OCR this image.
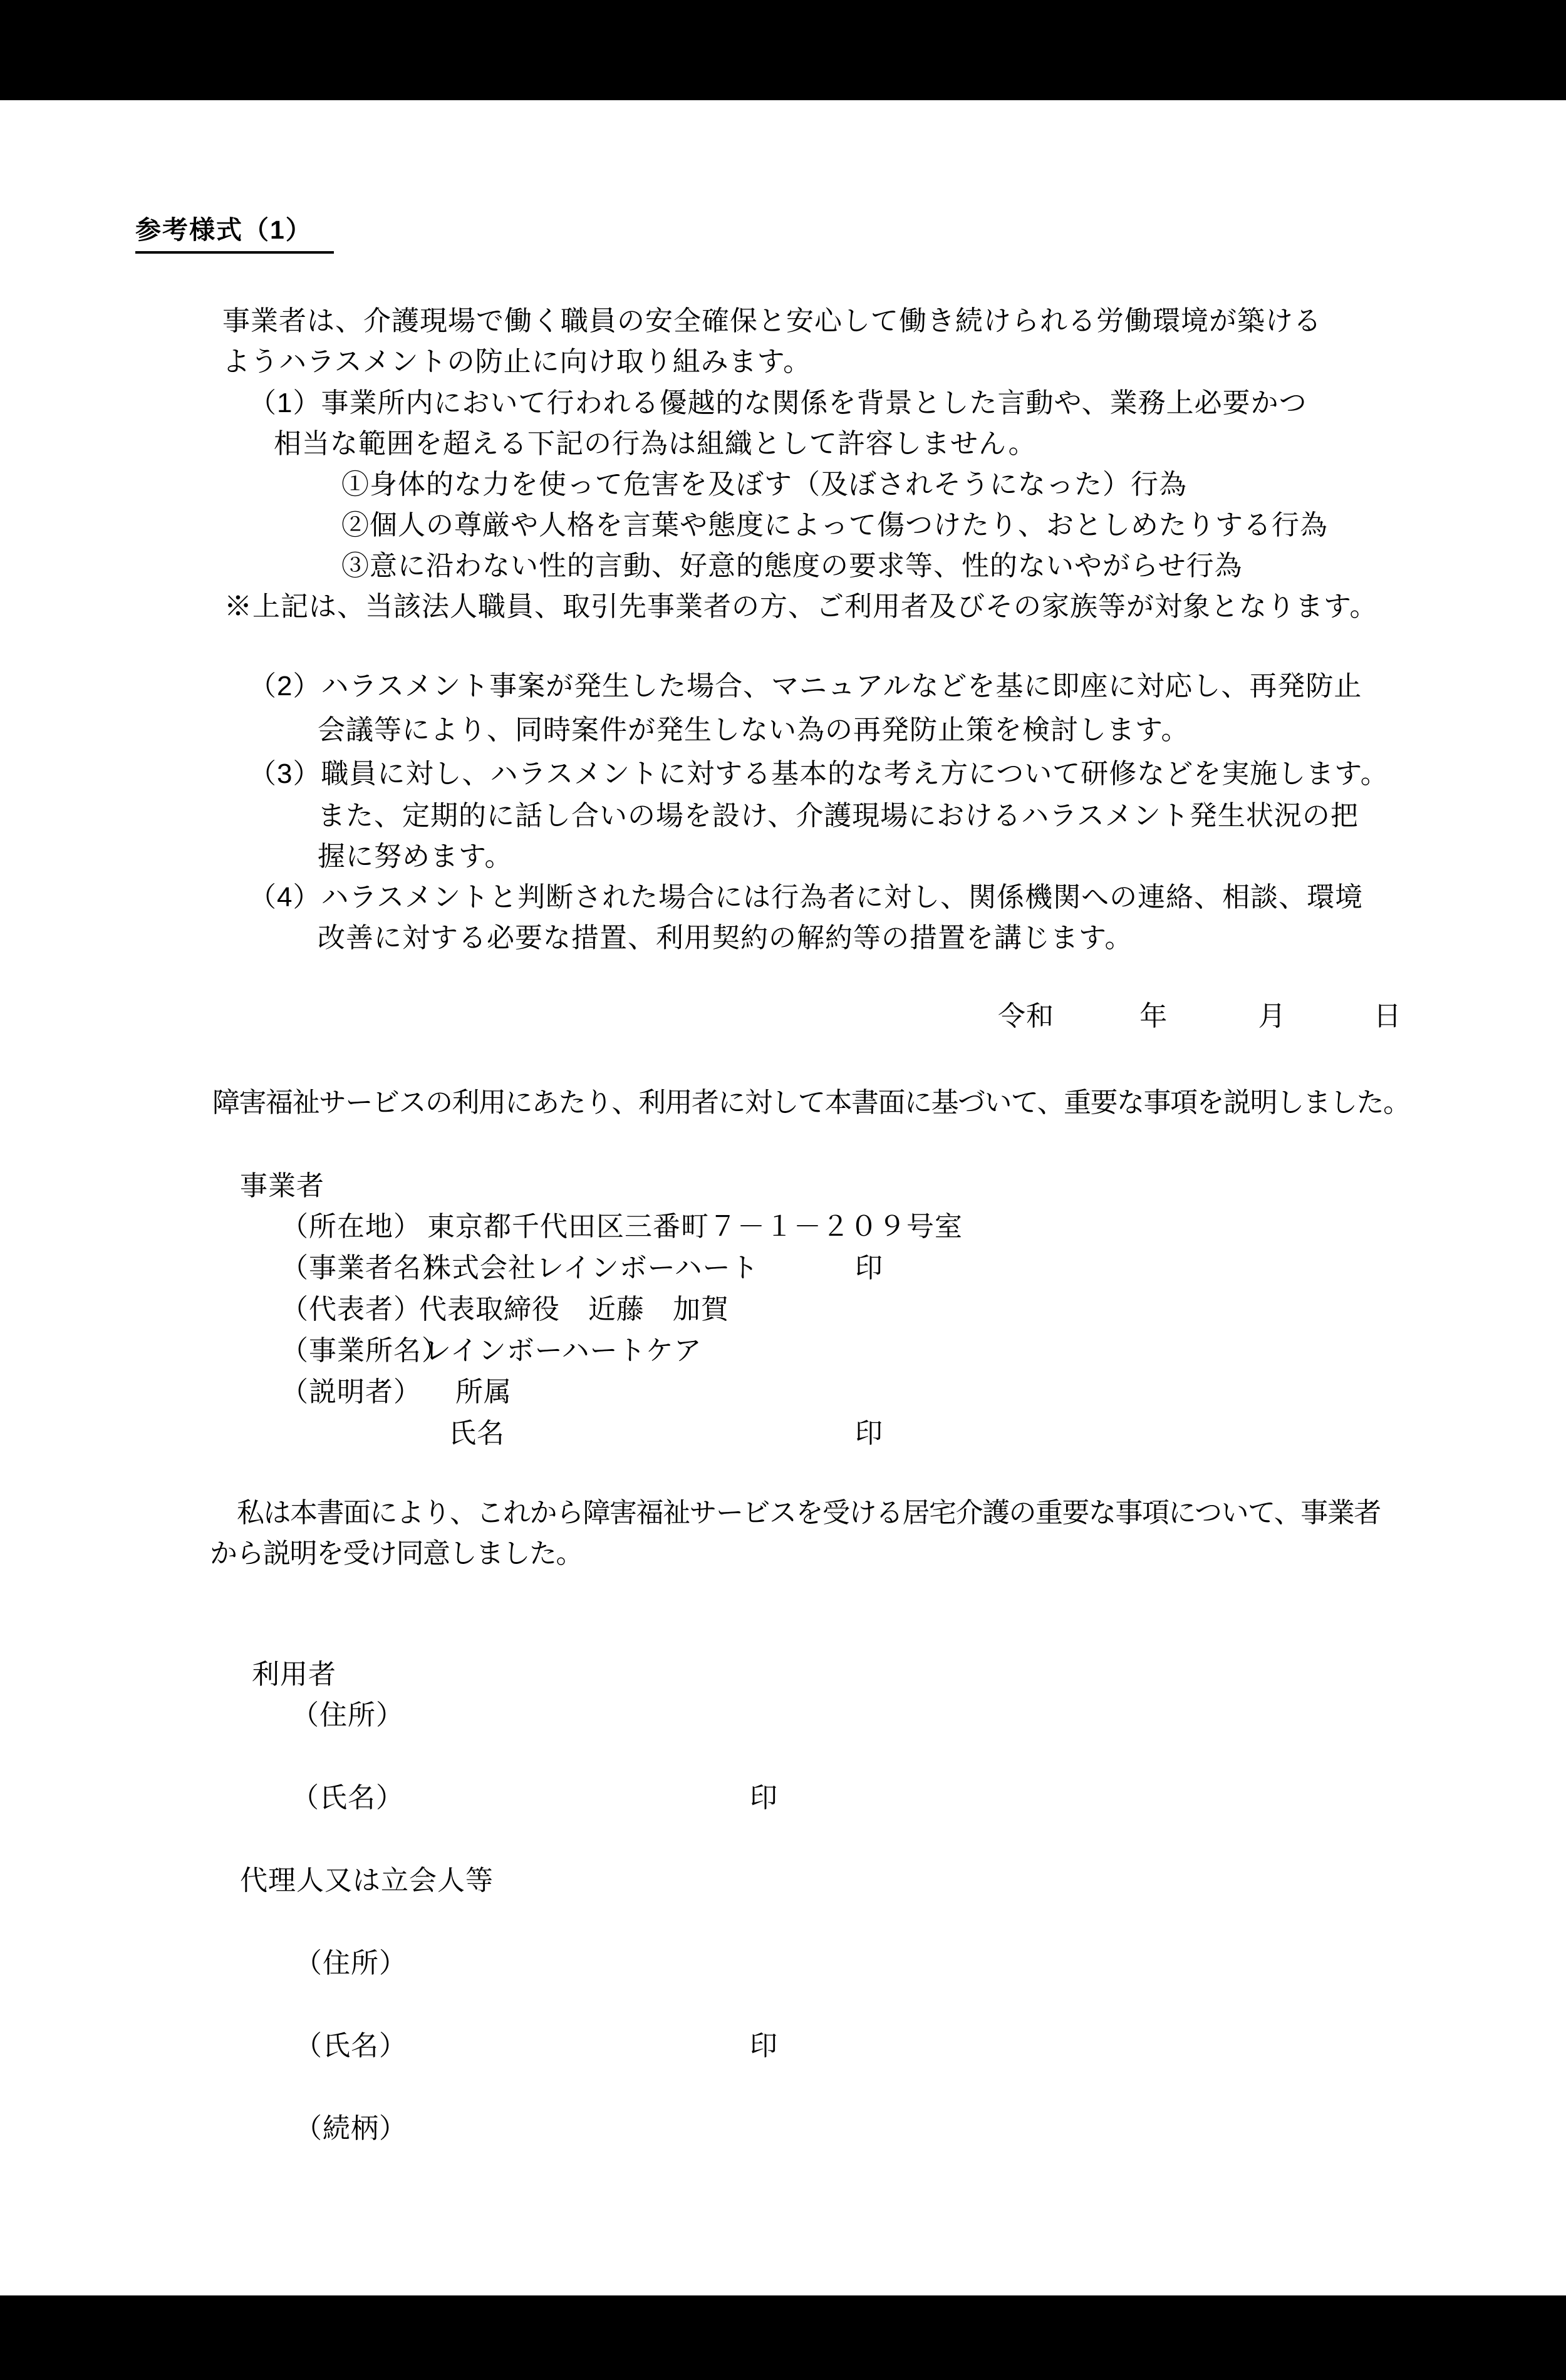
参考様式（1）
事業者は、介護現場で働く職員の安全確保と安心して働き続けられる労働環境が築ける
ようハラスメントの防止に向け取り組みます。
（1）事業所内において行われる優越的な関係を背景とした言動や、業務上必要かつ
相当な範囲を超える下記の行為は組織として許容しません。
①身体的な力を使って危害を及ぼす（及ぼされそうになった）行為
②個人の尊厳や人格を言葉や態度によって傷つけたり、おとしめたりする行為
③意に沿わない性的言動、好意的態度の要求等、性的ないやがらせ行為
※上記は、当該法人職員、取引先事業者の方、ご利用者及びその家族等が対象となります。
（2）ハラスメント事案が発生した場合、マニュアルなどを基に即座に対応し、再発防止
会議等により、同時案件が発生しない為の再発防止策を検討します。
（3）職員に対し、ハラスメントに対する基本的な考え方について研修などを実施します。
また、定期的に話し合いの場を設け、介護現場におけるハラスメント発生状況の把
握に努めます。
（4）ハラスメントと判断された場合には行為者に対し、関係機関への連絡、相談、環境
改善に対する必要な措置、利用契約の解約等の措置を講じます。
令和	年	月	日
障害福祉サービスの利用にあたり、利用者に対して本書面に基づいて、重要な事項を説明しました。
事業者
（所在地） 東京都千代田区三番町７－１－２０９号室
（事業者名）
株式会社レインボーハート	印
（代表者）
代表取締役　近藤　加賀
（事業所名）
レインボーハートケア
（説明者） 所属
氏名	印
私は本書面により、これから障害福祉サービスを受ける居宅介護の重要な事項について、事業者
から説明を受け同意しました。
利用者
（住所）
（氏名）	印
代理人又は立会人等
（住所）
（氏名）	印
（続柄）
